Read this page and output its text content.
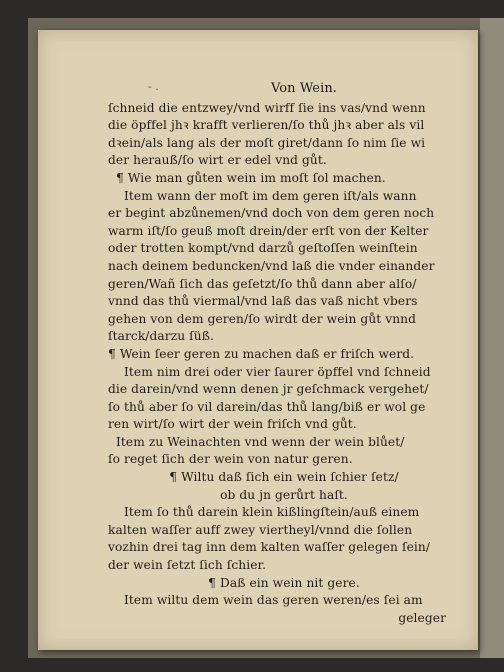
- .	Von Wein.
ſchneid die entzwey/vnd wirff ſie ins vas/vnd wenn
die öpffel jhꝛ krafft verlieren/ſo thů jhꝛ aber als vil
dꝛein/als lang als der moſt giret/dann ſo nim ſie wi
der herauß/ſo wirt er edel vnd gůt.
¶ Wie man gůten wein im moſt ſol machen.
Item wann der moſt im dem geren iſt/als wann
er begint abzůnemen/vnd doch von dem geren noch
warm iſt/ſo geuß moſt drein/der erſt von der Kelter
oder trotten kompt/vnd darzů geſtoſſen weinſtein
nach deinem beduncken/vnd laß die vnder einander
geren/Wañ ſich das geſetzt/ſo thů dann aber alſo/
vnnd das thů viermal/vnd laß das vaß nicht vbers
gehen von dem geren/ſo wirdt der wein gůt vnnd
ſtarck/darzu ſüß.
¶ Wein ſeer geren zu machen daß er friſch werd.
Item nim drei oder vier ſaurer öpffel vnd ſchneid
die darein/vnd wenn denen jr geſchmack vergehet/
ſo thů aber ſo vil darein/das thů lang/biß er wol ge
ren wirt/ſo wirt der wein friſch vnd gůt.
Item zu Weinachten vnd wenn der wein blůet/
ſo reget ſich der wein von natur geren.
¶ Wiltu daß ſich ein wein ſchier ſetz/
ob du jn gerůrt haſt.
Item ſo thů darein klein kißlingſtein/auß einem
kalten waſſer auff zwey viertheyl/vnnd die ſollen
vozhin drei tag inn dem kalten waſſer gelegen ſein/
der wein ſetzt ſich ſchier.
¶ Daß ein wein nit gere.
Item wiltu dem wein das geren weren/es ſei am
geleger
